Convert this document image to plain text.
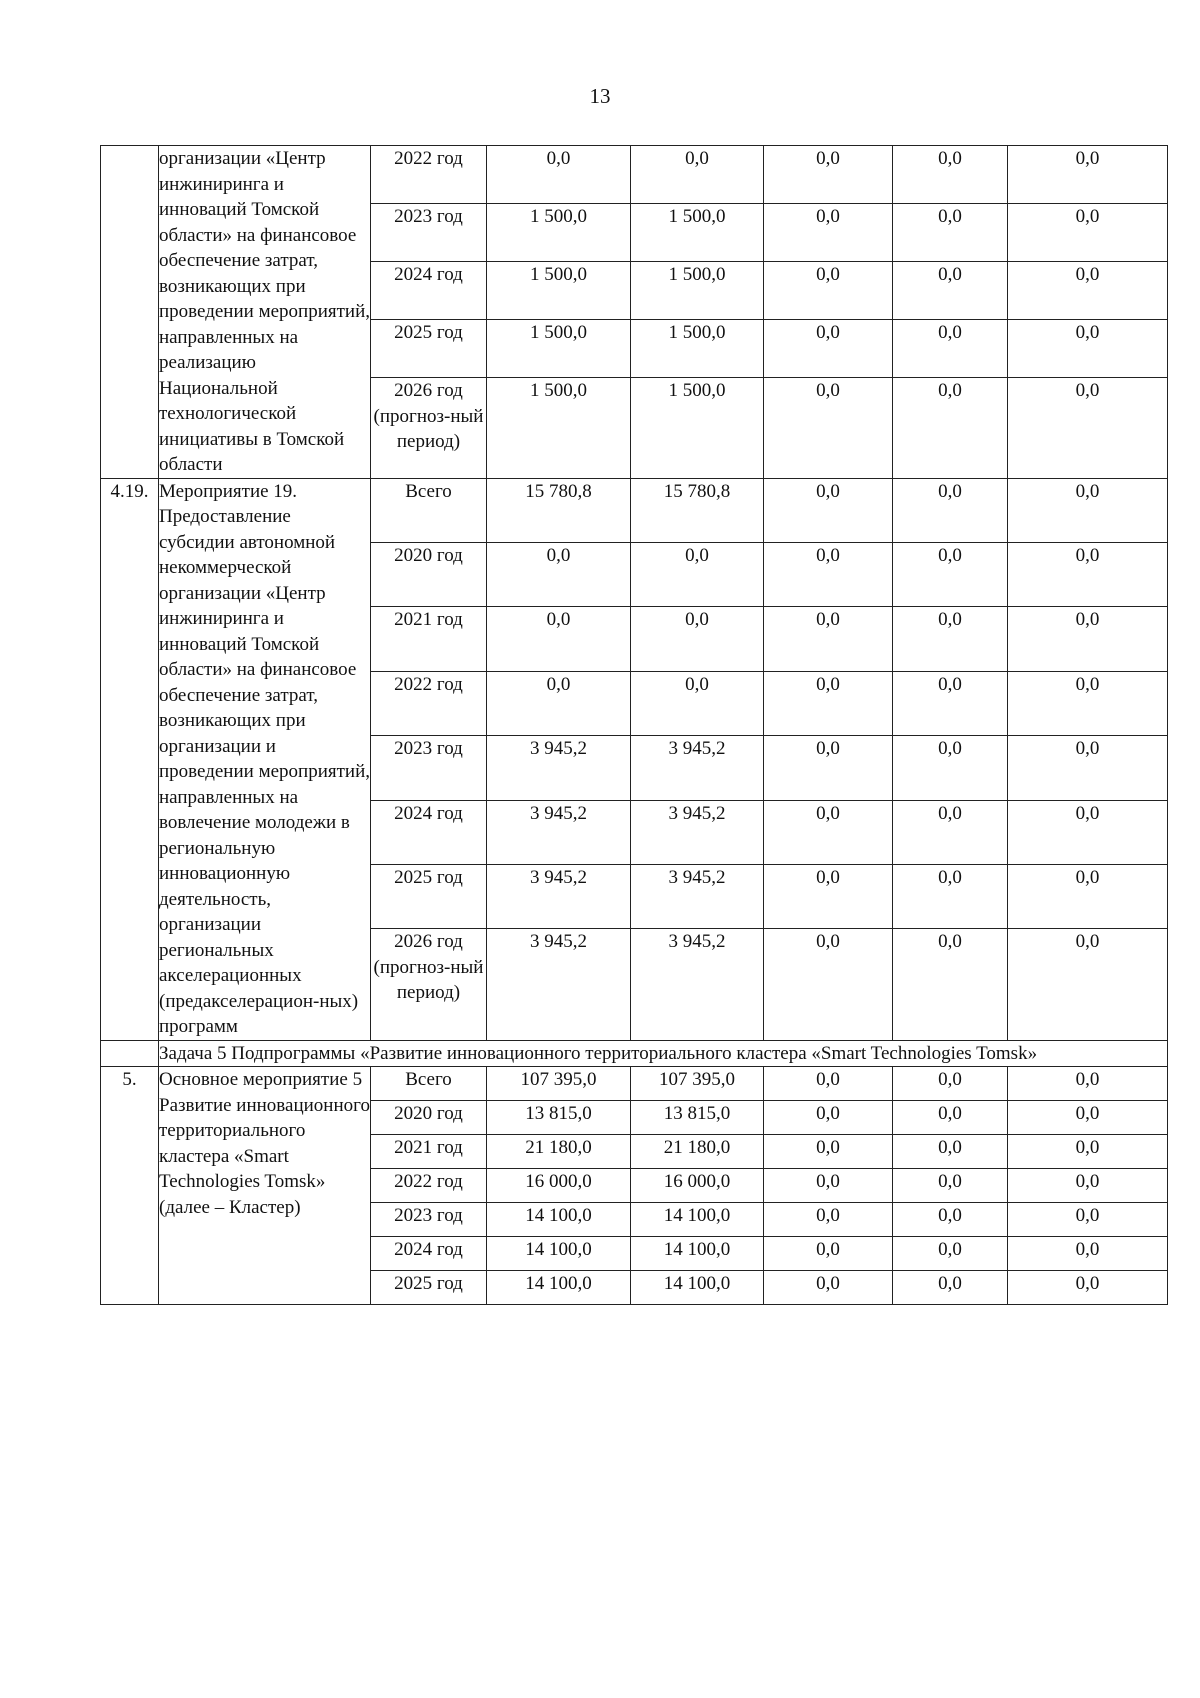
13
	организации «Центр инжиниринга и инноваций Томской области» на финансовое обеспечение затрат, возникающих при проведении мероприятий, направленных на реализацию Национальной технологической инициативы в Томской области	2022 год	0,0	0,0	0,0	0,0	0,0
		2023 год	1 500,0	1 500,0	0,0	0,0	0,0
		2024 год	1 500,0	1 500,0	0,0	0,0	0,0
		2025 год	1 500,0	1 500,0	0,0	0,0	0,0
		2026 год (прогноз-ный период)	1 500,0	1 500,0	0,0	0,0	0,0
4.19.	Мероприятие 19. Предоставление субсидии автономной некоммерческой организации «Центр инжиниринга и инноваций Томской области» на финансовое обеспечение затрат, возникающих при организации и проведении мероприятий, направленных на вовлечение молодежи в региональную инновационную деятельность, организации региональных акселерационных (предакселерацион-ных) программ	Всего	15 780,8	15 780,8	0,0	0,0	0,0
		2020 год	0,0	0,0	0,0	0,0	0,0
		2021 год	0,0	0,0	0,0	0,0	0,0
		2022 год	0,0	0,0	0,0	0,0	0,0
		2023 год	3 945,2	3 945,2	0,0	0,0	0,0
		2024 год	3 945,2	3 945,2	0,0	0,0	0,0
		2025 год	3 945,2	3 945,2	0,0	0,0	0,0
		2026 год (прогноз-ный период)	3 945,2	3 945,2	0,0	0,0	0,0
	Задача 5 Подпрограммы «Развитие инновационного территориального кластера «Smart Technologies Tomsk»						
5.	Основное мероприятие 5 Развитие инновационного территориального кластера «Smart Technologies Tomsk» (далее – Кластер)	Всего	107 395,0	107 395,0	0,0	0,0	0,0
		2020 год	13 815,0	13 815,0	0,0	0,0	0,0
		2021 год	21 180,0	21 180,0	0,0	0,0	0,0
		2022 год	16 000,0	16 000,0	0,0	0,0	0,0
		2023 год	14 100,0	14 100,0	0,0	0,0	0,0
		2024 год	14 100,0	14 100,0	0,0	0,0	0,0
		2025 год	14 100,0	14 100,0	0,0	0,0	0,0
